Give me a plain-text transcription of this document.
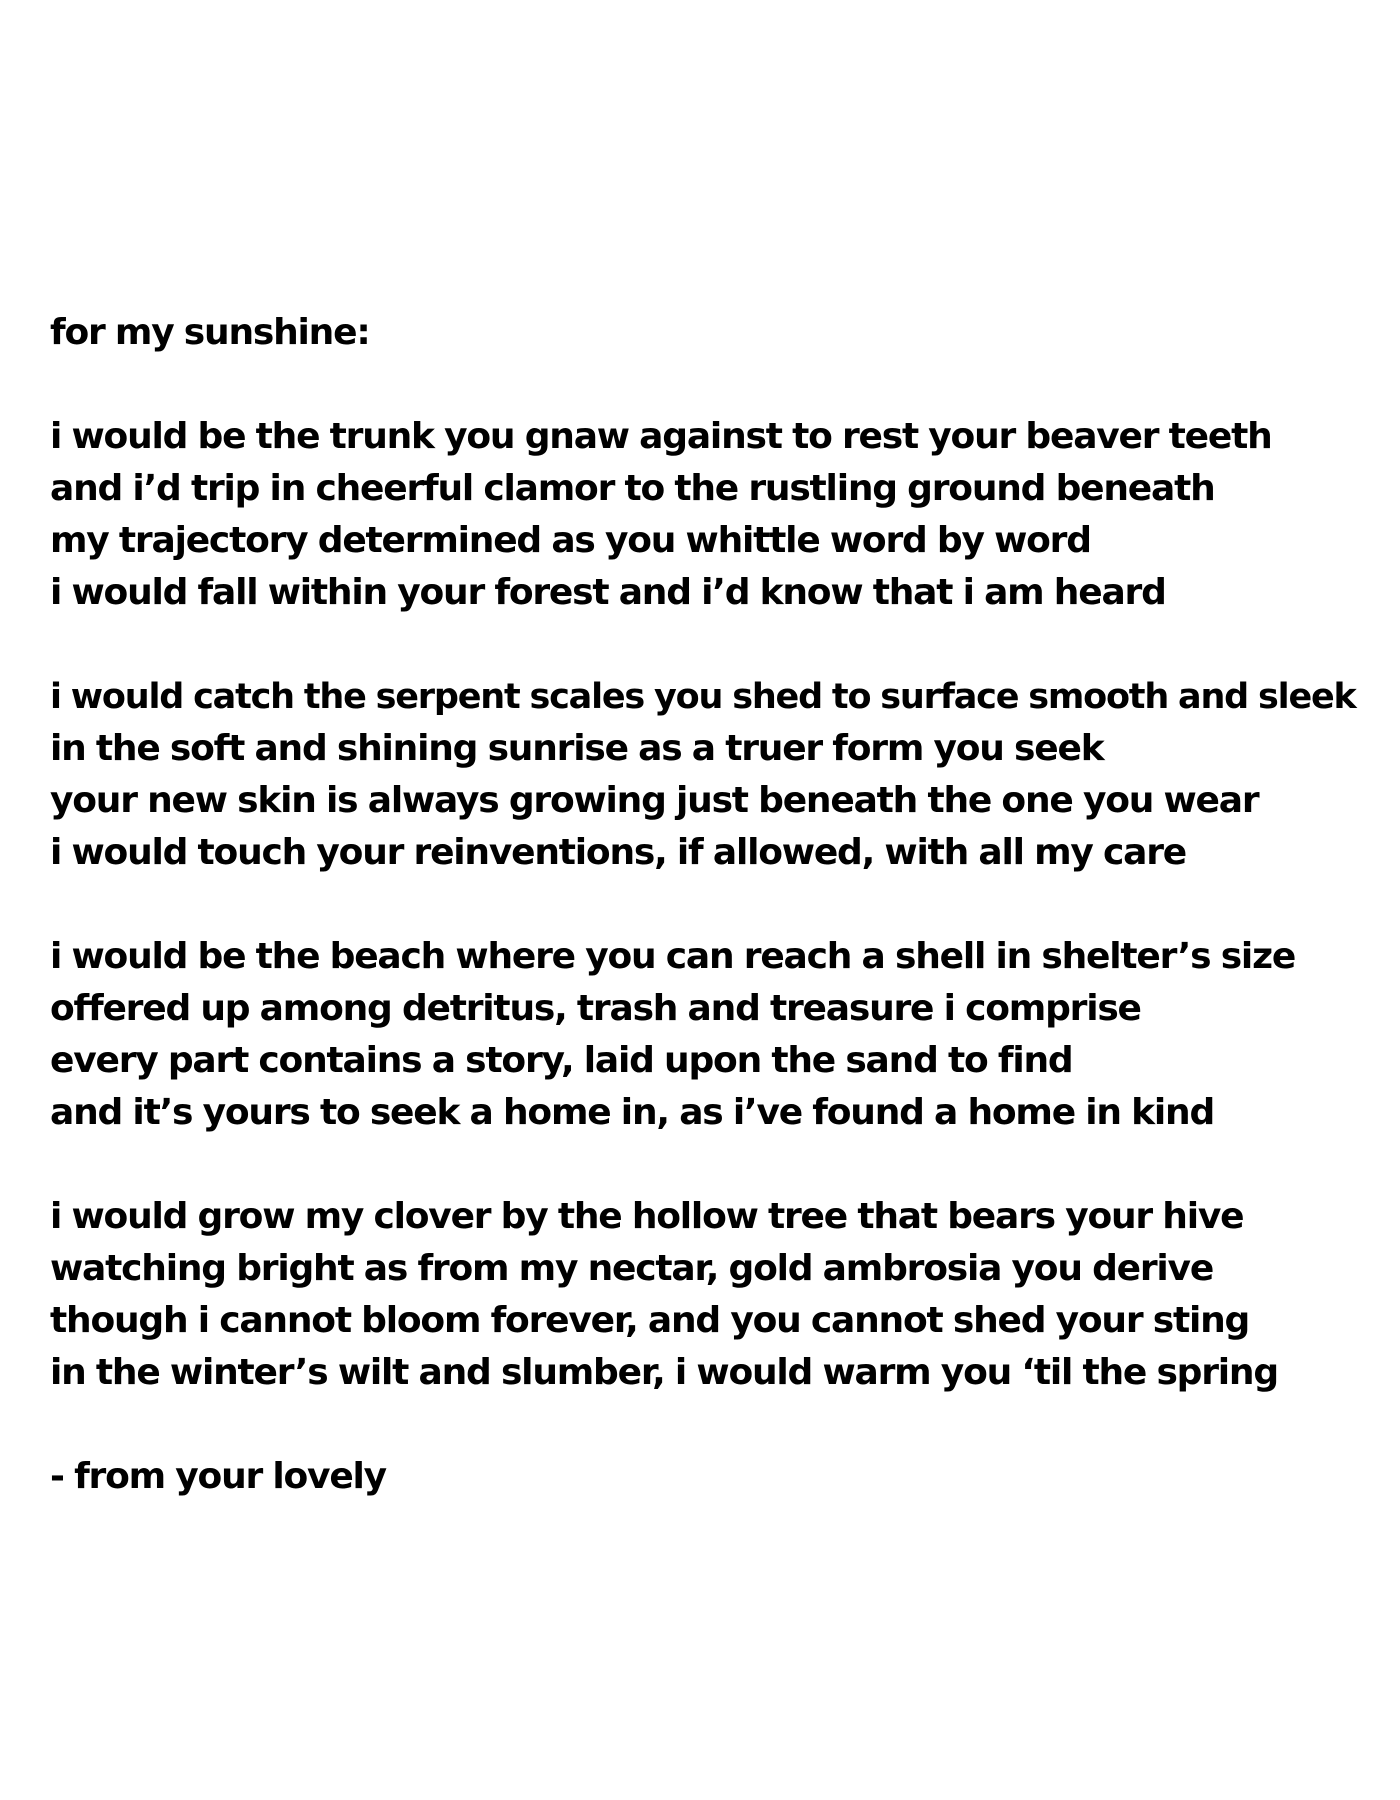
for my sunshine:
i would be the trunk you gnaw against to rest your beaver teeth
and i’d trip in cheerful clamor to the rustling ground beneath
my trajectory determined as you whittle word by word
i would fall within your forest and i’d know that i am heard
i would catch the serpent scales you shed to surface smooth and sleek
in the soft and shining sunrise as a truer form you seek
your new skin is always growing just beneath the one you wear
i would touch your reinventions, if allowed, with all my care
i would be the beach where you can reach a shell in shelter’s size
offered up among detritus, trash and treasure i comprise
every part contains a story, laid upon the sand to find
and it’s yours to seek a home in, as i’ve found a home in kind
i would grow my clover by the hollow tree that bears your hive
watching bright as from my nectar, gold ambrosia you derive
though i cannot bloom forever, and you cannot shed your sting
in the winter’s wilt and slumber, i would warm you ‘til the spring
- from your lovely
